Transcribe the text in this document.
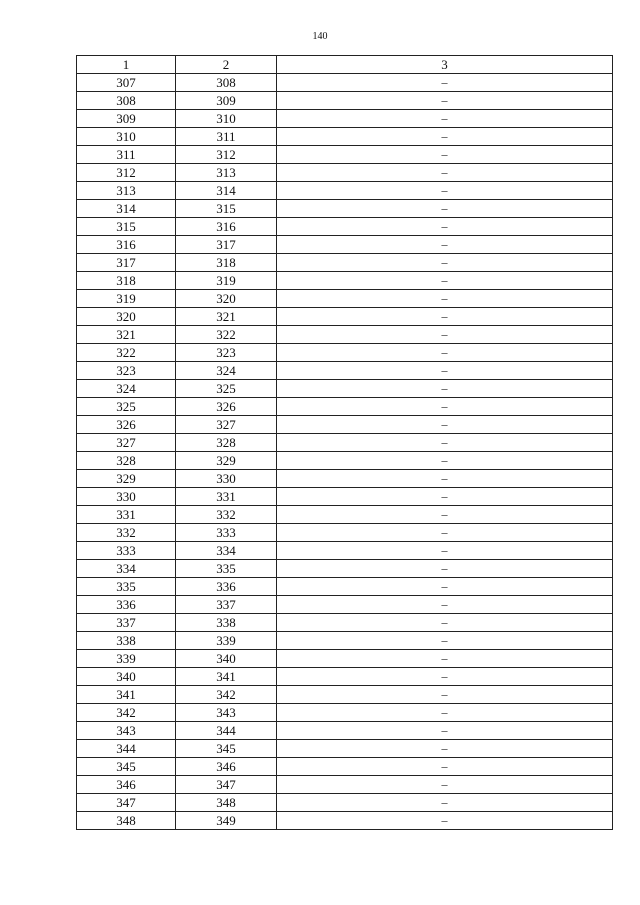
140
1	2	3
307	308	–
308	309	–
309	310	–
310	311	–
311	312	–
312	313	–
313	314	–
314	315	–
315	316	–
316	317	–
317	318	–
318	319	–
319	320	–
320	321	–
321	322	–
322	323	–
323	324	–
324	325	–
325	326	–
326	327	–
327	328	–
328	329	–
329	330	–
330	331	–
331	332	–
332	333	–
333	334	–
334	335	–
335	336	–
336	337	–
337	338	–
338	339	–
339	340	–
340	341	–
341	342	–
342	343	–
343	344	–
344	345	–
345	346	–
346	347	–
347	348	–
348	349	–
